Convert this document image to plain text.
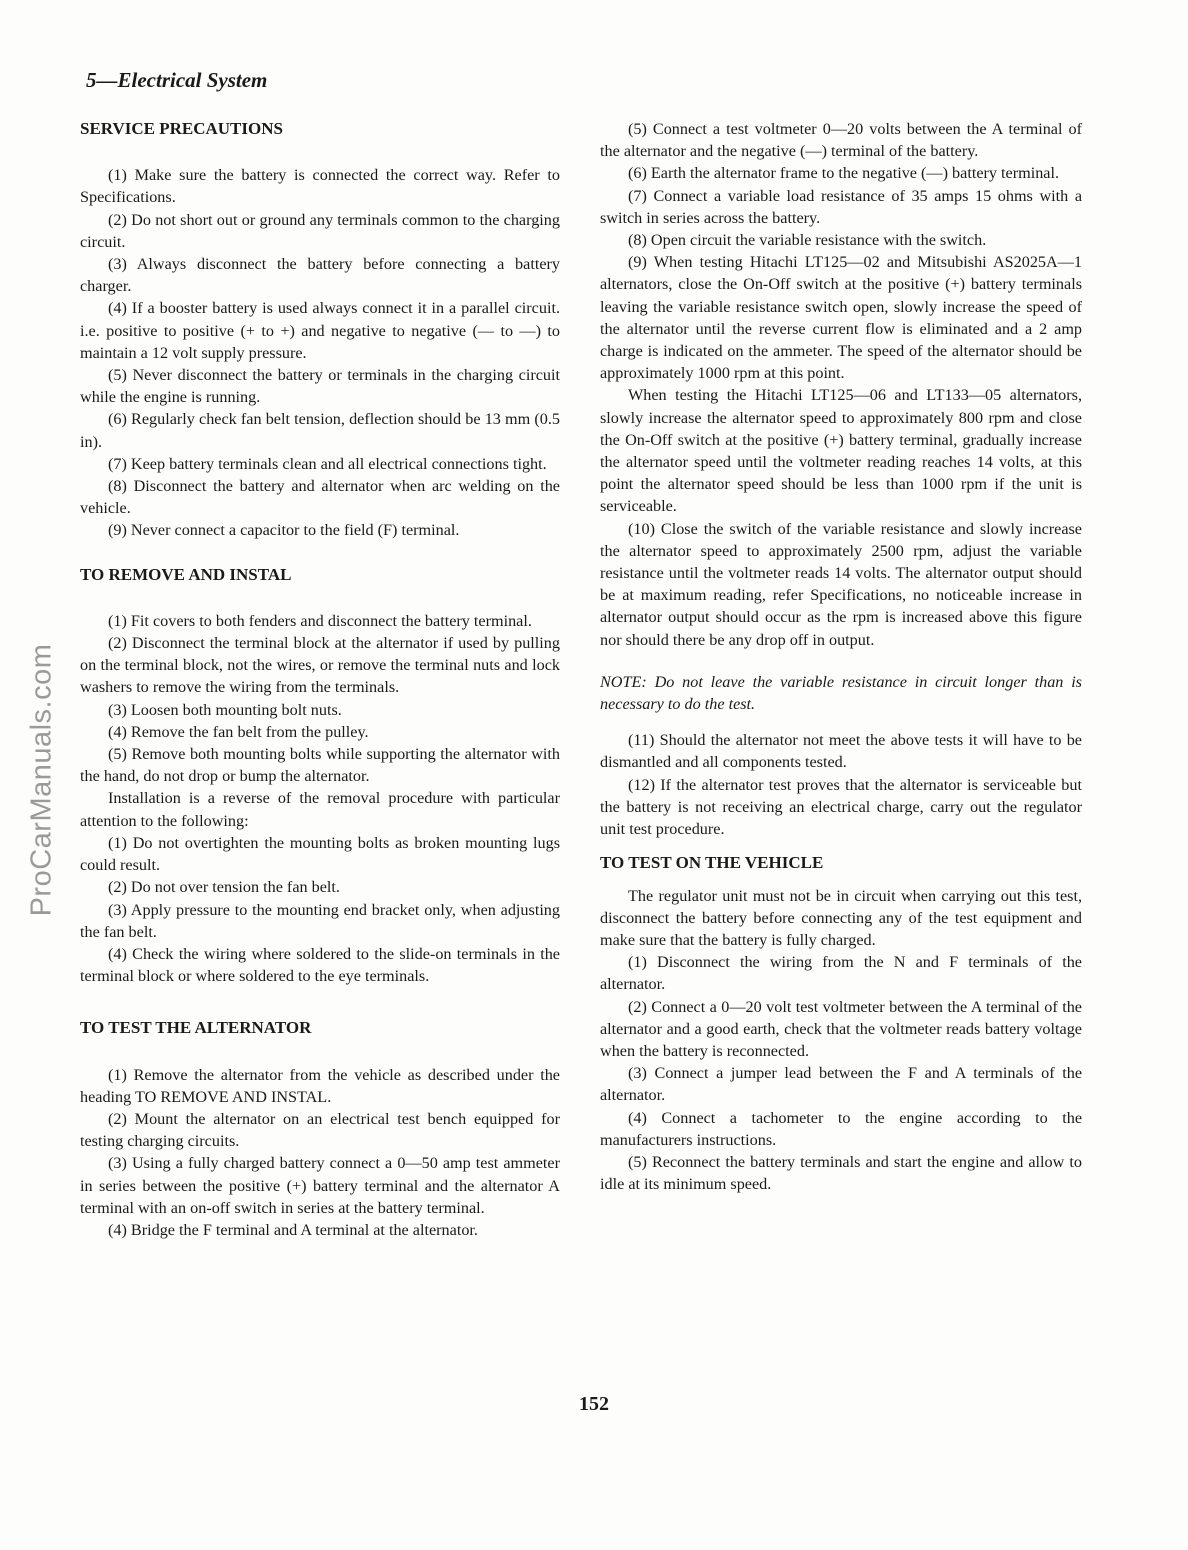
ProCarManuals.com
5—Electrical System
SERVICE PRECAUTIONS

(1) Make sure the battery is connected the correct way. Refer to Specifications.

(2) Do not short out or ground any terminals common to the charging circuit.

(3) Always disconnect the battery before connecting a battery charger.

(4) If a booster battery is used always connect it in a parallel circuit. i.e. positive to positive (+ to +) and negative to negative (— to —) to maintain a 12 volt supply pressure.

(5) Never disconnect the battery or terminals in the charging circuit while the engine is running.

(6) Regularly check fan belt tension, deflection should be 13 mm (0.5 in).

(7) Keep battery terminals clean and all electrical connections tight.

(8) Disconnect the battery and alternator when arc welding on the vehicle.

(9) Never connect a capacitor to the field (F) terminal.

TO REMOVE AND INSTAL

(1) Fit covers to both fenders and disconnect the battery terminal.

(2) Disconnect the terminal block at the alternator if used by pulling on the terminal block, not the wires, or remove the terminal nuts and lock washers to remove the wiring from the terminals.

(3) Loosen both mounting bolt nuts.

(4) Remove the fan belt from the pulley.

(5) Remove both mounting bolts while supporting the alternator with the hand, do not drop or bump the alternator.

Installation is a reverse of the removal procedure with particular attention to the following:

(1) Do not overtighten the mounting bolts as broken mounting lugs could result.

(2) Do not over tension the fan belt.

(3) Apply pressure to the mounting end bracket only, when adjusting the fan belt.

(4) Check the wiring where soldered to the slide-on terminals in the terminal block or where soldered to the eye terminals.

TO TEST THE ALTERNATOR

(1) Remove the alternator from the vehicle as described under the heading TO REMOVE AND INSTAL.

(2) Mount the alternator on an electrical test bench equipped for testing charging circuits.

(3) Using a fully charged battery connect a 0—50 amp test ammeter in series between the positive (+) battery terminal and the alternator A terminal with an on-off switch in series at the battery terminal.

(4) Bridge the F terminal and A terminal at the alternator.

(5) Connect a test voltmeter 0—20 volts between the A terminal of the alternator and the negative (—) terminal of the battery.

(6) Earth the alternator frame to the negative (—) battery terminal.

(7) Connect a variable load resistance of 35 amps 15 ohms with a switch in series across the battery.

(8) Open circuit the variable resistance with the switch.

(9) When testing Hitachi LT125—02 and Mitsubishi AS2025A—1 alternators, close the On-Off switch at the positive (+) battery terminals leaving the variable resistance switch open, slowly increase the speed of the alternator until the reverse current flow is eliminated and a 2 amp charge is indicated on the ammeter. The speed of the alternator should be approximately 1000 rpm at this point.

When testing the Hitachi LT125—06 and LT133—05 alternators, slowly increase the alternator speed to approximately 800 rpm and close the On-Off switch at the positive (+) battery terminal, gradually increase the alternator speed until the voltmeter reading reaches 14 volts, at this point the alternator speed should be less than 1000 rpm if the unit is serviceable.

(10) Close the switch of the variable resistance and slowly increase the alternator speed to approximately 2500 rpm, adjust the variable resistance until the voltmeter reads 14 volts. The alternator output should be at maximum reading, refer Specifications, no noticeable increase in alternator output should occur as the rpm is increased above this figure nor should there be any drop off in output.

NOTE: Do not leave the variable resistance in circuit longer than is necessary to do the test.

(11) Should the alternator not meet the above tests it will have to be dismantled and all components tested.

(12) If the alternator test proves that the alternator is serviceable but the battery is not receiving an electrical charge, carry out the regulator unit test procedure.

TO TEST ON THE VEHICLE

The regulator unit must not be in circuit when carrying out this test, disconnect the battery before connecting any of the test equipment and make sure that the battery is fully charged.

(1) Disconnect the wiring from the N and F terminals of the alternator.

(2) Connect a 0—20 volt test voltmeter between the A terminal of the alternator and a good earth, check that the voltmeter reads battery voltage when the battery is reconnected.

(3) Connect a jumper lead between the F and A terminals of the alternator.

(4) Connect a tachometer to the engine according to the manufacturers instructions.

(5) Reconnect the battery terminals and start the engine and allow to idle at its minimum speed.

152
